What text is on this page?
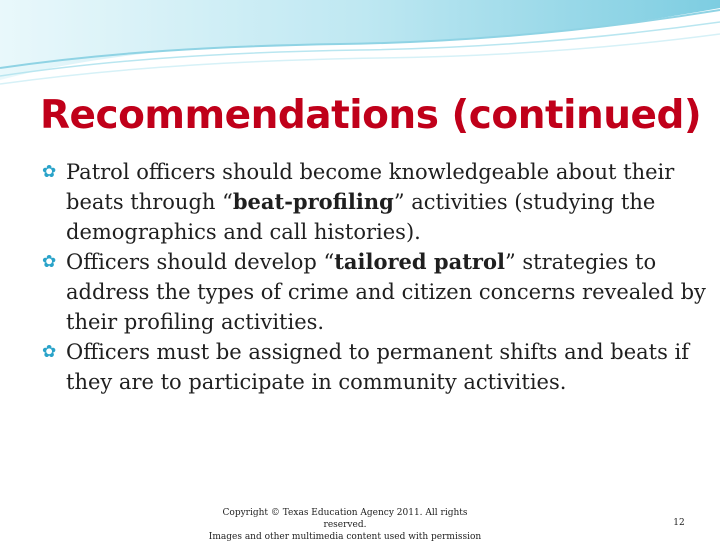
Recommendations (continued)
✿ Patrol officers should become knowledgeable about their beats through “beat-profiling” activities (studying the demographics and call histories).
✿ Officers should develop “tailored patrol” strategies to address the types of crime and citizen concerns revealed by their profiling activities.
✿ Officers must be assigned to permanent shifts and beats if they are to participate in community activities.
Copyright © Texas Education Agency 2011. All rights reserved.
Images and other multimedia content used with permission
12
